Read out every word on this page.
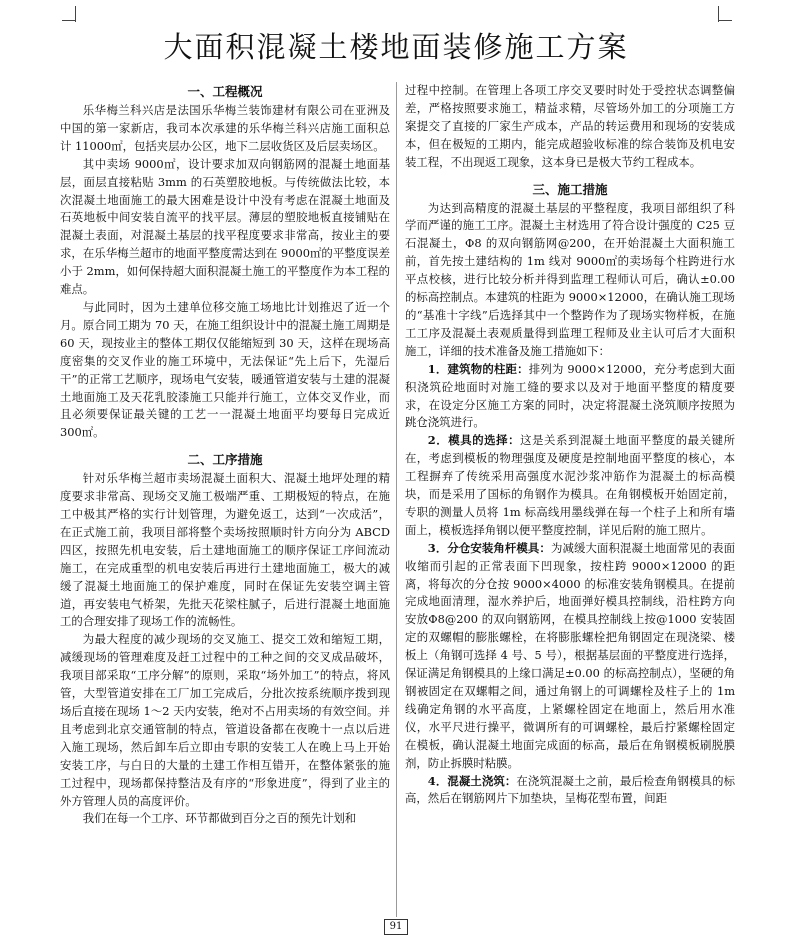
大面积混凝土楼地面装修施工方案
一、工程概况

乐华梅兰科兴店是法国乐华梅兰装饰建材有限公司在亚洲及中国的第一家新店，我司本次承建的乐华梅兰科兴店施工面积总计 11000㎡，包括夹层办公区，地下二层收货区及后层卖场区。

其中卖场 9000㎡，设计要求加双向钢筋网的混凝土地面基层，面层直接粘贴 3mm 的石英塑胶地板。与传统做法比较，本次混凝土地面施工的最大困难是设计中没有考虑在混凝土地面及石英地板中间安装自流平的找平层。薄层的塑胶地板直接铺贴在混凝土表面，对混凝土基层的找平程度要求非常高，按业主的要求，在乐华梅兰超市的地面平整度需达到在 9000㎡的平整度误差小于 2mm，如何保持超大面积混凝土施工的平整度作为本工程的难点。

与此同时，因为土建单位移交施工场地比计划推迟了近一个月。原合同工期为 70 天，在施工组织设计中的混凝土施工周期是 60 天，现按业主的整体工期仅仅能缩短到 30 天，这样在现场高度密集的交叉作业的施工环境中，无法保证“先上后下，先湿后干”的正常工艺顺序，现场电气安装，暖通管道安装与土建的混凝土地面施工及天花乳胶漆施工只能并行施工，立体交叉作业，而且必须要保证最关键的工艺一一混凝土地面平均要每日完成近 300㎡。

二、工序措施

针对乐华梅兰超市卖场混凝土面积大、混凝土地坪处理的精度要求非常高、现场交叉施工极端严重、工期极短的特点，在施工中极其严格的实行计划管理，为避免返工，达到“一次成活”，在正式施工前，我项目部将整个卖场按照顺时针方向分为 ABCD 四区，按照先机电安装，后土建地面施工的顺序保证工序间流动施工，在完成重型的机电安装后再进行土建地面施工，极大的减缓了混凝土地面施工的保护难度，同时在保证先安装空调主管道，再安装电气桥架，先批天花梁柱腻子，后进行混凝土地面施工的合理安排了现场工作的流畅性。

为最大程度的减少现场的交叉施工、提交工效和缩短工期，减缓现场的管理难度及赶工过程中的工种之间的交叉成品破坏，我项目部采取“工序分解”的原则，采取“场外加工”的特点，将风管，大型管道安排在工厂加工完成后，分批次按系统顺序拨到现场后直接在现场 1～2 天内安装，绝对不占用卖场的有效空间。并且考虑到北京交通管制的特点，管道设备都在夜晚十一点以后进入施工现场，然后卸车后立即由专职的安装工人在晚上马上开始安装工序，与白日的大量的土建工作相互错开，在整体紧张的施工过程中，现场都保持整洁及有序的“形象进度”，得到了业主的外方管理人员的高度评价。

我们在每一个工序、环节都做到百分之百的预先计划和

过程中控制。在管理上各项工序交叉要时时处于受控状态调整偏差，严格按照要求施工，精益求精，尽管场外加工的分项施工方案提交了直接的厂家生产成本，产品的转运费用和现场的安装成本，但在极短的工期内，能完成超验收标准的综合装饰及机电安装工程，不出现返工现象，这本身已是极大节约工程成本。

三、施工措施

为达到高精度的混凝土基层的平整程度，我项目部组织了科学而严谨的施工工序。混凝土主材选用了符合设计强度的 C25 豆石混凝土，Φ8 的双向钢筋网@200，在开始混凝土大面积施工前，首先按土建结构的 1m 线对 9000㎡的卖场每个柱跨进行水平点校核，进行比较分析并得到监理工程师认可后，确认±0.00 的标高控制点。本建筑的柱距为 9000×12000，在确认施工现场的“基准十字线”后选择其中一个整跨作为了现场实物样板，在施工工序及混凝土表观质量得到监理工程师及业主认可后才大面积施工，详细的技术准备及施工措施如下：

1．建筑物的柱距：排列为 9000×12000，充分考虑到大面积浇筑砼地面时对施工缝的要求以及对于地面平整度的精度要求，在设定分区施工方案的同时，决定将混凝土浇筑顺序按照为跳仓浇筑进行。

2．模具的选择：这是关系到混凝土地面平整度的最关键所在，考虑到模板的物理强度及硬度是控制地面平整度的核心，本工程摒弃了传统采用高强度水泥沙浆冲筋作为混凝土的标高模块，而是采用了国标的角钢作为模具。在角钢模板开始固定前，专职的测量人员将 1m 标高线用墨线弹在每一个柱子上和所有墙面上，模板选择角钢以便平整度控制，详见后附的施工照片。

3．分仓安装角杆模具：为减缓大面积混凝土地面常见的表面收缩而引起的正常表面下凹现象，按柱跨 9000×12000 的距离，将每次的分仓按 9000×4000 的标准安装角钢模具。在提前完成地面清理，湿水养护后，地面弹好模具控制线，沿柱跨方向安放Φ8@200 的双向钢筋网，在模具控制线上按@1000 安装固定的双螺帽的膨胀螺栓，在将膨胀螺栓把角钢固定在现浇梁、楼板上（角钢可选择 4 号、5 号），根据基层面的平整度进行选择，保证满足角钢模具的上缘口满足±0.00 的标高控制点），坚硬的角钢被固定在双螺帽之间，通过角钢上的可调螺栓及柱子上的 1m 线确定角钢的水平高度，上紧螺栓固定在地面上，然后用水准仪，水平尺进行操平，微调所有的可调螺栓，最后拧紧螺栓固定在模板，确认混凝土地面完成面的标高，最后在角钢模板刷脱膜剂，防止拆膜时粘膜。

4．混凝土浇筑：在浇筑混凝土之前，最后检查角钢模具的标高，然后在钢筋网片下加垫块，呈梅花型布置，间距

91
